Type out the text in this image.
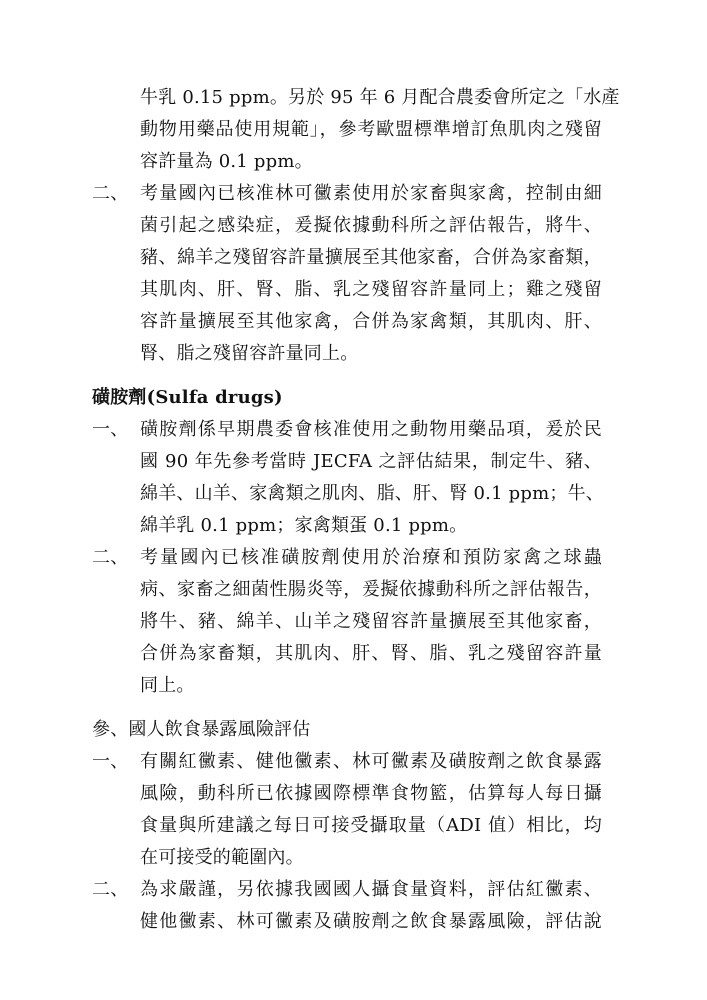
牛乳 0.15 ppm。另於 95 年 6 月配合農委會所定之「水產
動物用藥品使用規範」，參考歐盟標準增訂魚肌肉之殘留
容許量為 0.1 ppm。
二、 考量國內已核准林可黴素使用於家畜與家禽，控制由細
菌引起之感染症，爰擬依據動科所之評估報告，將牛、
豬、綿羊之殘留容許量擴展至其他家畜，合併為家畜類，
其肌肉、肝、腎、脂、乳之殘留容許量同上；雞之殘留
容許量擴展至其他家禽，合併為家禽類，其肌肉、肝、
腎、脂之殘留容許量同上。
磺胺劑(Sulfa drugs)
一、 磺胺劑係早期農委會核准使用之動物用藥品項，爰於民
國 90 年先參考當時 JECFA 之評估結果，制定牛、豬、
綿羊、山羊、家禽類之肌肉、脂、肝、腎 0.1 ppm；牛、
綿羊乳 0.1 ppm；家禽類蛋 0.1 ppm。
二、 考量國內已核准磺胺劑使用於治療和預防家禽之球蟲
病、家畜之細菌性腸炎等，爰擬依據動科所之評估報告，
將牛、豬、綿羊、山羊之殘留容許量擴展至其他家畜，
合併為家畜類，其肌肉、肝、腎、脂、乳之殘留容許量
同上。
參、國人飲食暴露風險評估
一、 有關紅黴素、健他黴素、林可黴素及磺胺劑之飲食暴露
風險，動科所已依據國際標準食物籃，估算每人每日攝
食量與所建議之每日可接受攝取量（ADI 值）相比，均
在可接受的範圍內。
二、 為求嚴謹，另依據我國國人攝食量資料，評估紅黴素、
健他黴素、林可黴素及磺胺劑之飲食暴露風險，評估說
